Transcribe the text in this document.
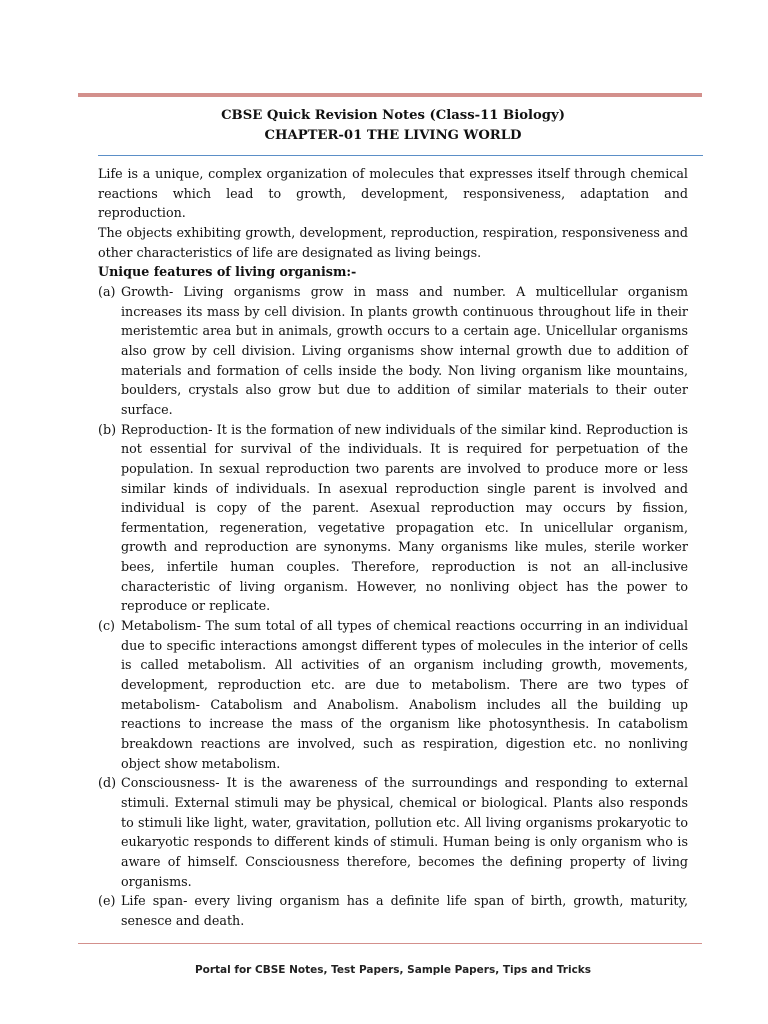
CBSE Quick Revision Notes (Class-11 Biology)
CHAPTER-01 THE LIVING WORLD

Life is a unique, complex organization of molecules that expresses itself through chemical reactions which lead to growth, development, responsiveness, adaptation and reproduction.

The objects exhibiting growth, development, reproduction, respiration, responsiveness and other characteristics of life are designated as living beings.

Unique features of living organism:-

(a) Growth- Living organisms grow in mass and number. A multicellular organism increases its mass by cell division. In plants growth continuous throughout life in their meristemtic area but in animals, growth occurs to a certain age. Unicellular organisms also grow by cell division. Living organisms show internal growth due to addition of materials and formation of cells inside the body. Non living organism like mountains, boulders, crystals also grow but due to addition of similar materials to their outer surface.
(b) Reproduction- It is the formation of new individuals of the similar kind. Reproduction is not essential for survival of the individuals. It is required for perpetuation of the population. In sexual reproduction two parents are involved to produce more or less similar kinds of individuals. In asexual reproduction single parent is involved and individual is copy of the parent. Asexual reproduction may occurs by fission, fermentation, regeneration, vegetative propagation etc. In unicellular organism, growth and reproduction are synonyms. Many organisms like mules, sterile worker bees, infertile human couples. Therefore, reproduction is not an all-inclusive characteristic of living organism. However, no nonliving object has the power to reproduce or replicate.
(c) Metabolism- The sum total of all types of chemical reactions occurring in an individual due to specific interactions amongst different types of molecules in the interior of cells is called metabolism. All activities of an organism including growth, movements, development, reproduction etc. are due to metabolism. There are two types of metabolism- Catabolism and Anabolism. Anabolism includes all the building up reactions to increase the mass of the organism like photosynthesis. In catabolism breakdown reactions are involved, such as respiration, digestion etc. no nonliving object show metabolism.
(d) Consciousness- It is the awareness of the surroundings and responding to external stimuli. External stimuli may be physical, chemical or biological. Plants also responds to stimuli like light, water, gravitation, pollution etc. All living organisms prokaryotic to eukaryotic responds to different kinds of stimuli. Human being is only organism who is aware of himself. Consciousness therefore, becomes the defining property of living organisms.
(e) Life span- every living organism has a definite life span of birth, growth, maturity, senesce and death.
Portal for CBSE Notes, Test Papers, Sample Papers, Tips and Tricks
